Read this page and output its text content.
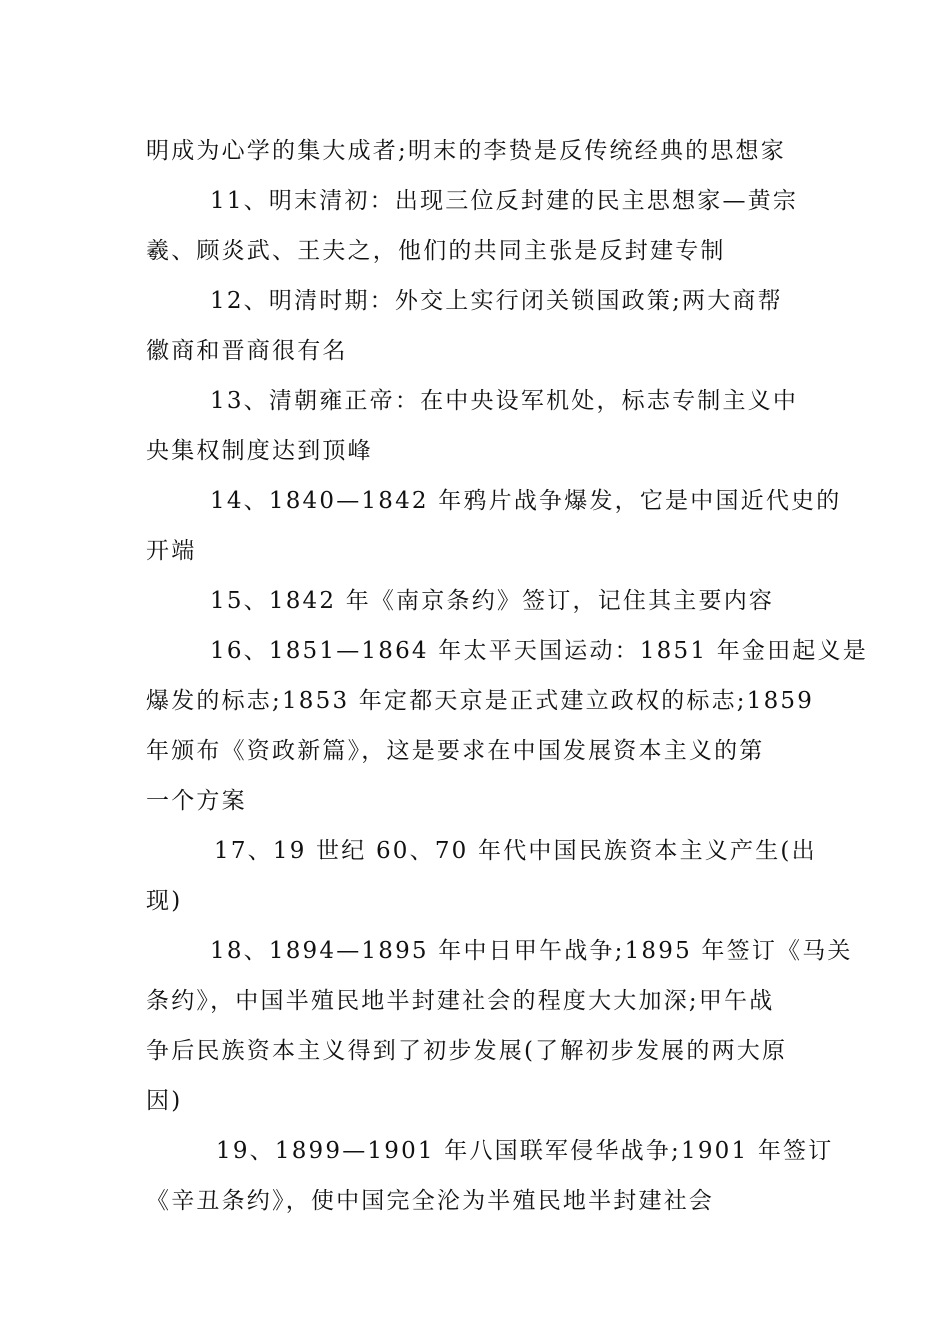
明成为心学的集大成者;明末的李贽是反传统经典的思想家
11、明末清初：出现三位反封建的民主思想家—黄宗
羲、顾炎武、王夫之，他们的共同主张是反封建专制
12、明清时期：外交上实行闭关锁国政策;两大商帮
徽商和晋商很有名
13、清朝雍正帝：在中央设军机处，标志专制主义中
央集权制度达到顶峰
14、1840—1842 年鸦片战争爆发，它是中国近代史的
开端
15、1842 年《南京条约》签订，记住其主要内容
16、1851—1864 年太平天国运动：1851 年金田起义是
爆发的标志;1853 年定都天京是正式建立政权的标志;1859
年颁布《资政新篇》，这是要求在中国发展资本主义的第
一个方案
17、19 世纪 60、70 年代中国民族资本主义产生(出
现)
18、1894—1895 年中日甲午战争;1895 年签订《马关
条约》，中国半殖民地半封建社会的程度大大加深;甲午战
争后民族资本主义得到了初步发展(了解初步发展的两大原
因)
19、1899—1901 年八国联军侵华战争;1901 年签订
《辛丑条约》，使中国完全沦为半殖民地半封建社会
